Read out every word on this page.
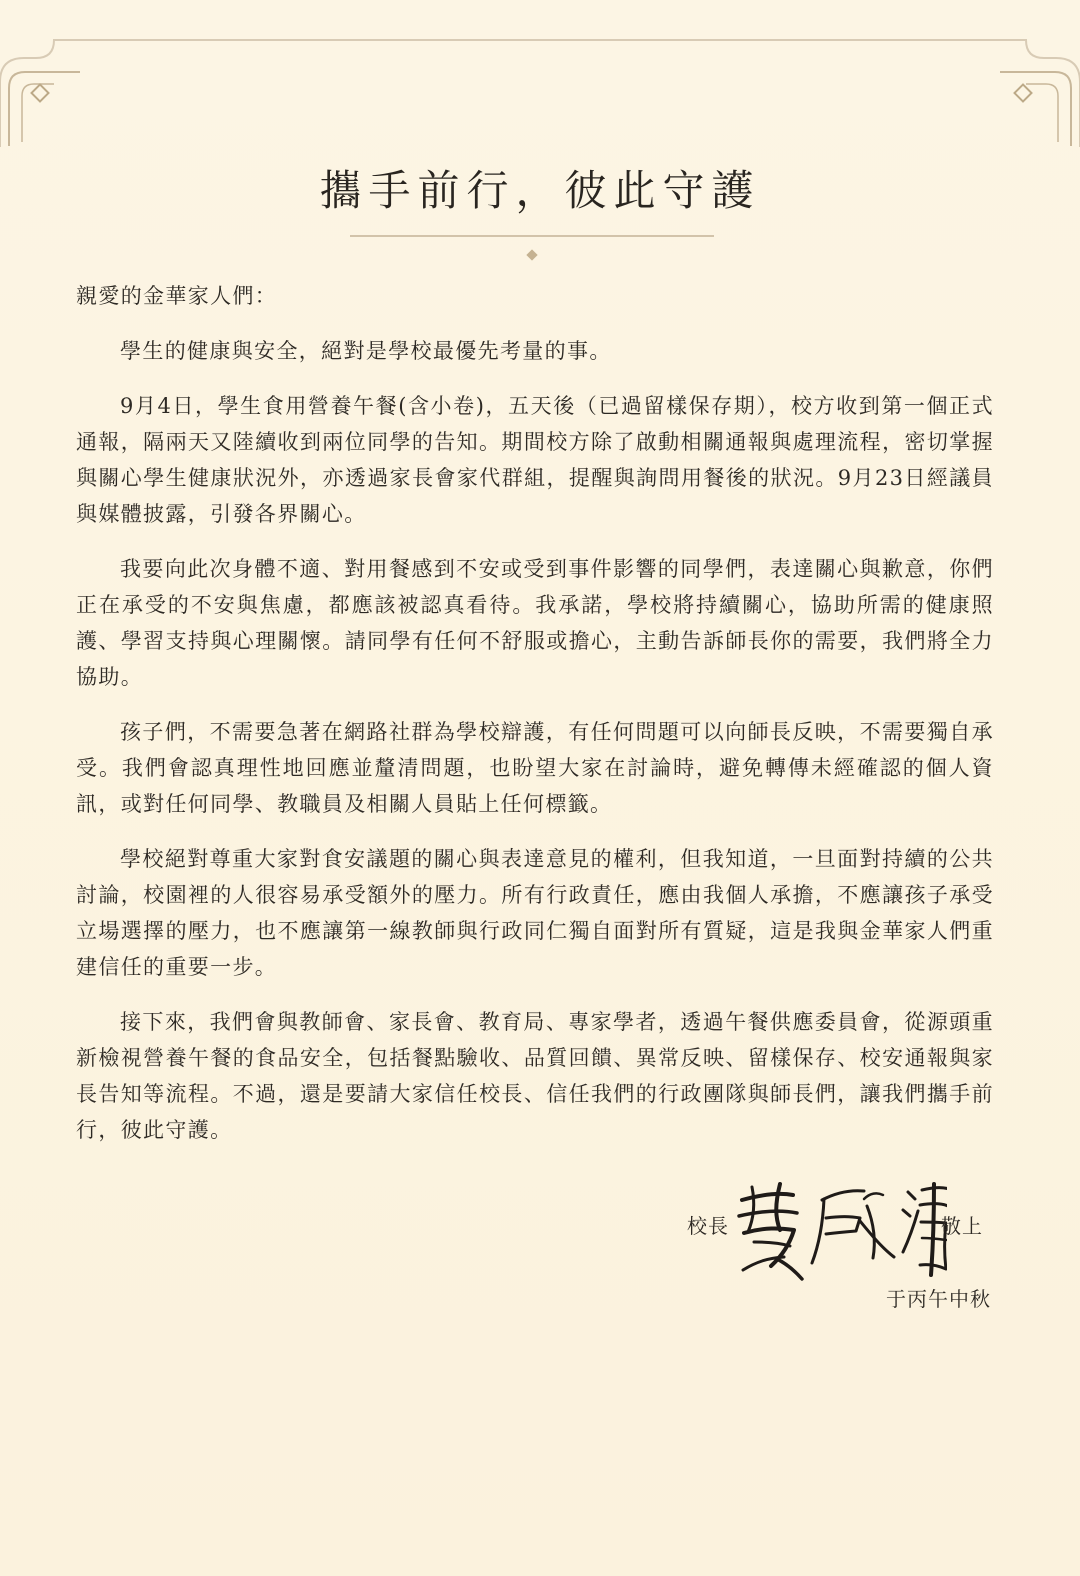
攜手前行，彼此守護

親愛的金華家人們：

學生的健康與安全，絕對是學校最優先考量的事。

9月4日，學生食用營養午餐(含小卷)，五天後（已過留樣保存期），校方收到第一個正式通報，隔兩天又陸續收到兩位同學的告知。期間校方除了啟動相關通報與處理流程，密切掌握與關心學生健康狀況外，亦透過家長會家代群組，提醒與詢問用餐後的狀況。9月23日經議員與媒體披露，引發各界關心。

我要向此次身體不適、對用餐感到不安或受到事件影響的同學們，表達關心與歉意，你們正在承受的不安與焦慮，都應該被認真看待。我承諾，學校將持續關心，協助所需的健康照護、學習支持與心理關懷。請同學有任何不舒服或擔心，主動告訴師長你的需要，我們將全力協助。

孩子們，不需要急著在網路社群為學校辯護，有任何問題可以向師長反映，不需要獨自承受。我們會認真理性地回應並釐清問題，也盼望大家在討論時，避免轉傳未經確認的個人資訊，或對任何同學、教職員及相關人員貼上任何標籤。

學校絕對尊重大家對食安議題的關心與表達意見的權利，但我知道，一旦面對持續的公共討論，校園裡的人很容易承受額外的壓力。所有行政責任，應由我個人承擔，不應讓孩子承受立場選擇的壓力，也不應讓第一線教師與行政同仁獨自面對所有質疑，這是我與金華家人們重建信任的重要一步。

接下來，我們會與教師會、家長會、教育局、專家學者，透過午餐供應委員會，從源頭重新檢視營養午餐的食品安全，包括餐點驗收、品質回饋、異常反映、留樣保存、校安通報與家長告知等流程。不過，還是要請大家信任校長、信任我們的行政團隊與師長們，讓我們攜手前行，彼此守護。

校長	敬上
于丙午中秋
